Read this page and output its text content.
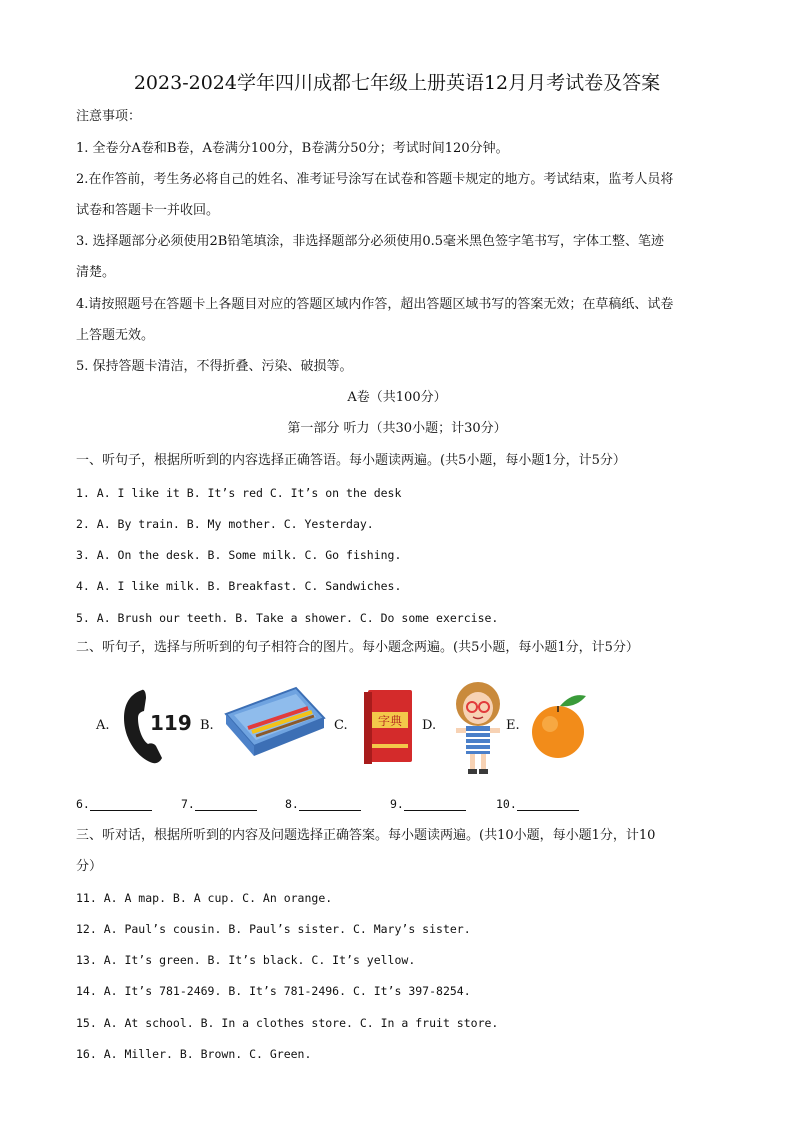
2023-2024学年四川成都七年级上册英语12月月考试卷及答案
注意事项：
1. 全卷分A卷和B卷，A卷满分100分，B卷满分50分；考试时间120分钟。
2.在作答前，考生务必将自己的姓名、准考证号涂写在试卷和答题卡规定的地方。考试结束，监考人员将
试卷和答题卡一并收回。
3. 选择题部分必须使用2B铅笔填涂，非选择题部分必须使用0.5毫米黑色签字笔书写，字体工整、笔迹
清楚。
4.请按照题号在答题卡上各题目对应的答题区域内作答，超出答题区域书写的答案无效；在草稿纸、试卷
上答题无效。
5. 保持答题卡清洁，不得折叠、污染、破损等。
A卷（共100分）
第一部分 听力（共30小题；计30分）
一、听句子，根据所听到的内容选择正确答语。每小题读两遍。(共5小题，每小题1分，计5分）
1. A. I like it B. It’s red C. It’s on the desk
2. A. By train. B. My mother. C. Yesterday.
3. A. On the desk. B. Some milk. C. Go fishing.
4. A. I like milk. B. Breakfast. C. Sandwiches.
5. A. Brush our teeth. B. Take a shower. C. Do some exercise.
二、听句子，选择与所听到的句子相符合的图片。每小题念两遍。(共5小题，每小题1分，计5分）
A. 119 B.	C.	字典 D.	E.
6.	7.	8.	9.	10.
三、听对话，根据所听到的内容及问题选择正确答案。每小题读两遍。(共10小题，每小题1分，计10
分）
11. A. A map. B. A cup. C. An orange.
12. A. Paul’s cousin. B. Paul’s sister. C. Mary’s sister.
13. A. It’s green. B. It’s black. C. It’s yellow.
14. A. It’s 781-2469. B. It’s 781-2496. C. It’s 397-8254.
15. A. At school. B. In a clothes store. C. In a fruit store.
16. A. Miller. B. Brown. C. Green.
